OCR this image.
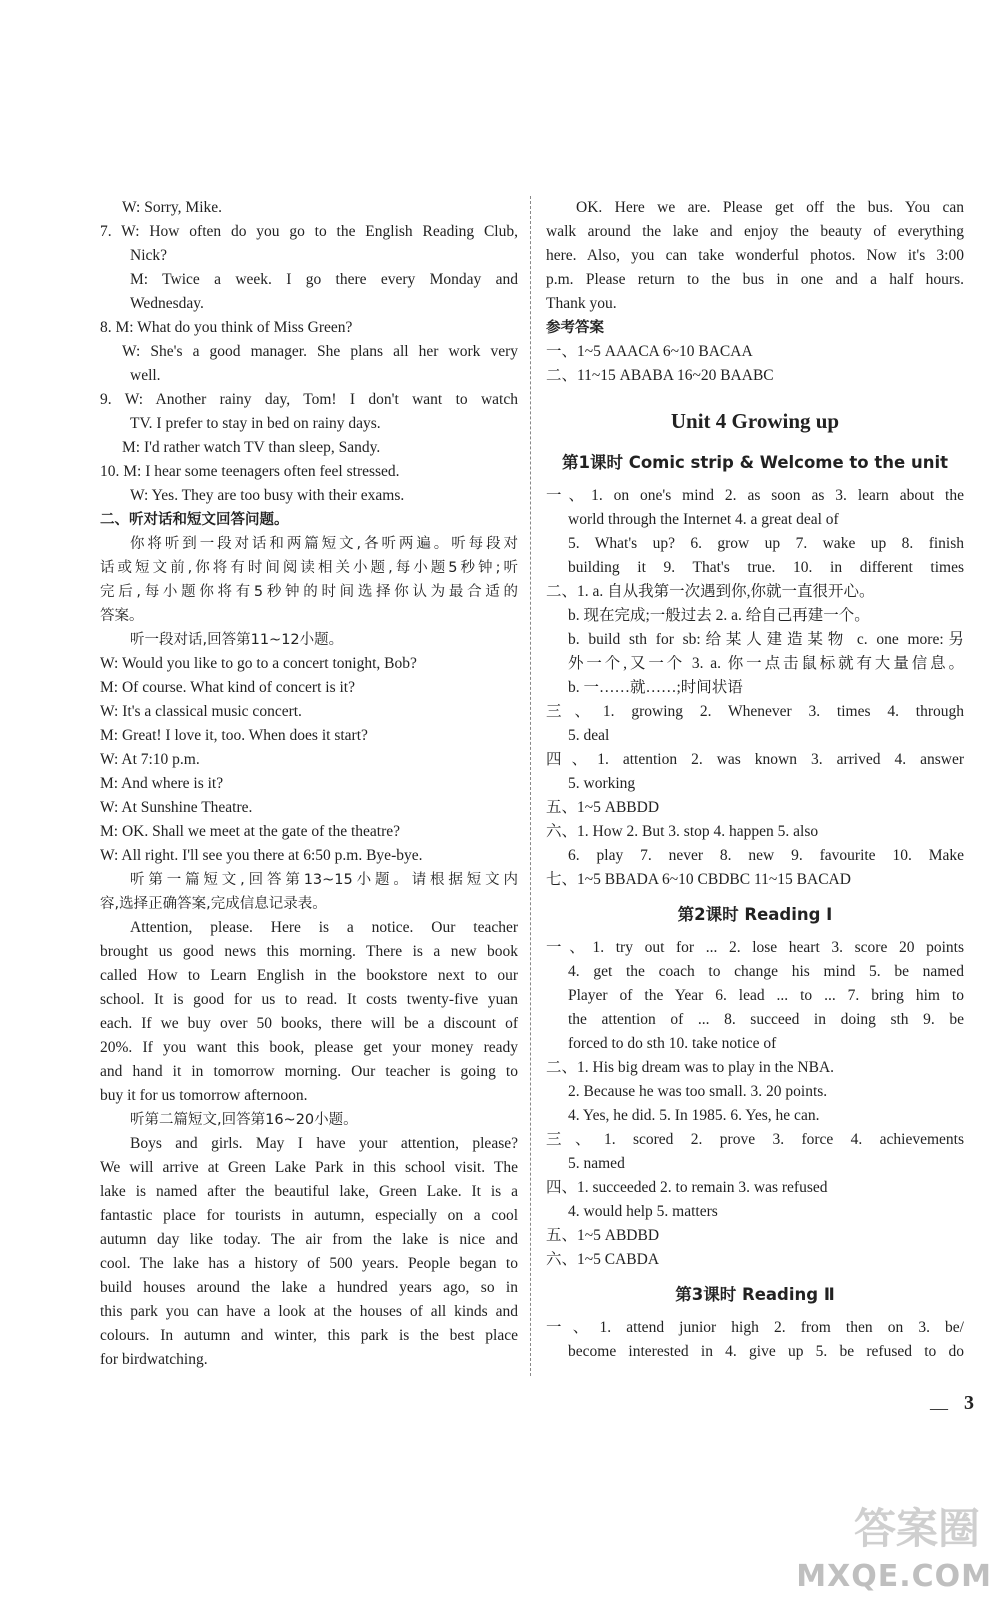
W: Sorry, Mike.

7. W: How often do you go to the English Reading Club,

Nick?

M: Twice a week. I go there every Monday and

Wednesday.

8. M: What do you think of Miss Green?

W: She's a good manager. She plans all her work very

well.

9. W: Another rainy day, Tom! I don't want to watch

TV. I prefer to stay in bed on rainy days.

M: I'd rather watch TV than sleep, Sandy.

10. M: I hear some teenagers often feel stressed.

W: Yes. They are too busy with their exams.

二、听对话和短文回答问题。

你将听到一段对话和两篇短文,各听两遍。听每段对

话或短文前,你将有时间阅读相关小题,每小题5秒钟;听

完后,每小题你将有5秒钟的时间选择你认为最合适的

答案。

听一段对话,回答第11~12小题。

W: Would you like to go to a concert tonight, Bob?

M: Of course. What kind of concert is it?

W: It's a classical music concert.

M: Great! I love it, too. When does it start?

W: At 7:10 p.m.

M: And where is it?

W: At Sunshine Theatre.

M: OK. Shall we meet at the gate of the theatre?

W: All right. I'll see you there at 6:50 p.m. Bye-bye.

听第一篇短文,回答第13~15小题。请根据短文内

容,选择正确答案,完成信息记录表。

Attention, please. Here is a notice. Our teacher

brought us good news this morning. There is a new book

called How to Learn English in the bookstore next to our

school. It is good for us to read. It costs twenty-five yuan

each. If we buy over 50 books, there will be a discount of

20%. If you want this book, please get your money ready

and hand it in tomorrow morning. Our teacher is going to

buy it for us tomorrow afternoon.

听第二篇短文,回答第16~20小题。

Boys and girls. May I have your attention, please?

We will arrive at Green Lake Park in this school visit. The

lake is named after the beautiful lake, Green Lake. It is a

fantastic place for tourists in autumn, especially on a cool

autumn day like today. The air from the lake is nice and

cool. The lake has a history of 500 years. People began to

build houses around the lake a hundred years ago, so in

this park you can have a look at the houses of all kinds and

colours. In autumn and winter, this park is the best place

for birdwatching.

OK. Here we are. Please get off the bus. You can

walk around the lake and enjoy the beauty of everything

here. Also, you can take wonderful photos. Now it's 3:00

p.m. Please return to the bus in one and a half hours.

Thank you.

参考答案

一、1~5 AAACA 6~10 BACAA

二、11~15 ABABA 16~20 BAABC

Unit 4 Growing up
第1课时 Comic strip & Welcome to the unit

一、1. on one's mind 2. as soon as 3. learn about the

world through the Internet 4. a great deal of

5. What's up? 6. grow up 7. wake up 8. finish

building it 9. That's true. 10. in different times

二、1. a. 自从我第一次遇到你,你就一直很开心。

b. 现在完成;一般过去 2. a. 给自己再建一个。

b. build sth for sb:给某人建造某物 c. one more:另

外一个,又一个 3. a. 你一点击鼠标就有大量信息。

b. 一……就……;时间状语

三、1. growing 2. Whenever 3. times 4. through

5. deal

四、1. attention 2. was known 3. arrived 4. answer

5. working

五、1~5 ABBDD

六、1. How 2. But 3. stop 4. happen 5. also

6. play 7. never 8. new 9. favourite 10. Make

七、1~5 BBADA 6~10 CBDBC 11~15 BACAD

第2课时 Reading Ⅰ

一、1. try out for ... 2. lose heart 3. score 20 points

4. get the coach to change his mind 5. be named

Player of the Year 6. lead ... to ... 7. bring him to

the attention of ... 8. succeed in doing sth 9. be

forced to do sth 10. take notice of

二、1. His big dream was to play in the NBA.

2. Because he was too small. 3. 20 points.

4. Yes, he did. 5. In 1985. 6. Yes, he can.

三、1. scored 2. prove 3. force 4. achievements

5. named

四、1. succeeded 2. to remain 3. was refused

4. would help 5. matters

五、1~5 ABDBD

六、1~5 CABDA

第3课时 Reading Ⅱ

一、1. attend junior high 2. from then on 3. be/

become interested in 4. give up 5. be refused to do

— 3
答案圈
MXQE.COM
